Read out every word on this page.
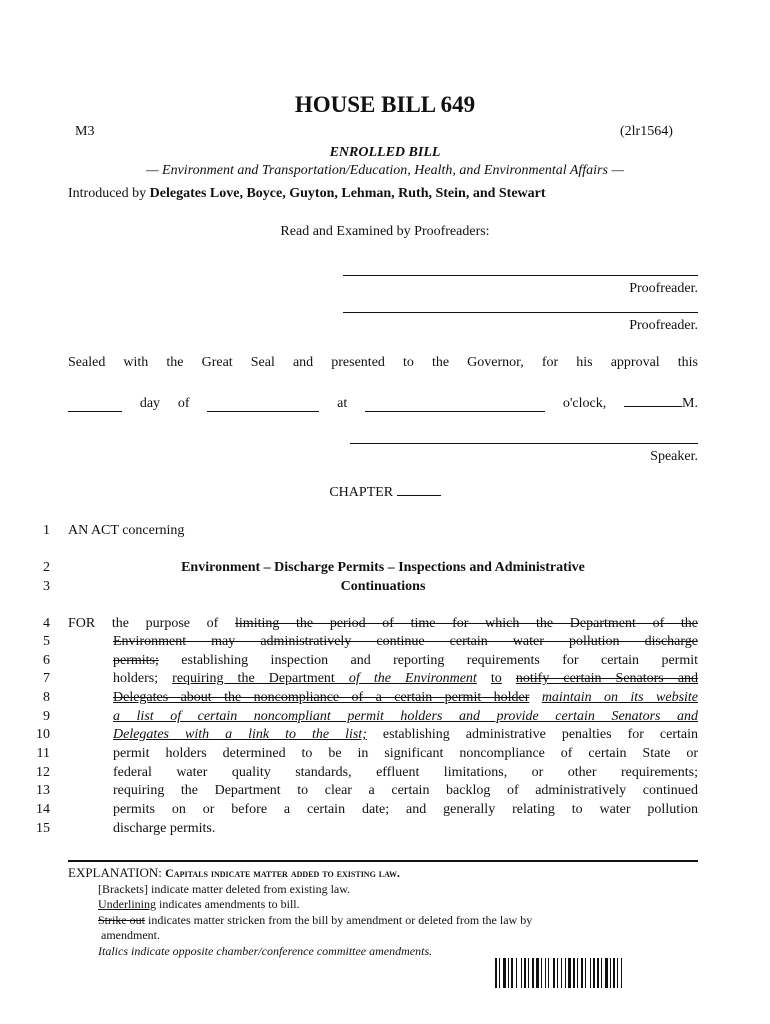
HOUSE BILL 649
M3	(2lr1564)
ENROLLED BILL
— Environment and Transportation/Education, Health, and Environmental Affairs —
Introduced by Delegates Love, Boyce, Guyton, Lehman, Ruth, Stein, and Stewart
Read and Examined by Proofreaders:
Proofreader.
Proofreader.
Sealed with the Great Seal and presented to the Governor, for his approval this
day of	at	o'clock,	M.
Speaker.
CHAPTER
1
2
3
4
5
6
7
8
9
10
11
12
13
14
15
AN ACT concerning
Environment – Discharge Permits – Inspections and Administrative
Continuations
FOR the purpose of limiting the period of time for which the Department of the
Environment may administratively continue certain water pollution discharge
permits; establishing inspection and reporting requirements for certain permit
holders; requiring the Department of the Environment to notify certain Senators and
Delegates about the noncompliance of a certain permit holder maintain on its website
a list of certain noncompliant permit holders and provide certain Senators and
Delegates with a link to the list; establishing administrative penalties for certain
permit holders determined to be in significant noncompliance of certain State or
federal water quality standards, effluent limitations, or other requirements;
requiring the Department to clear a certain backlog of administratively continued
permits on or before a certain date; and generally relating to water pollution
discharge permits.
EXPLANATION: Capitals indicate matter added to existing law.
[Brackets] indicate matter deleted from existing law.
Underlining indicates amendments to bill.
Strike out indicates matter stricken from the bill by amendment or deleted from the law by
amendment.
Italics indicate opposite chamber/conference committee amendments.
